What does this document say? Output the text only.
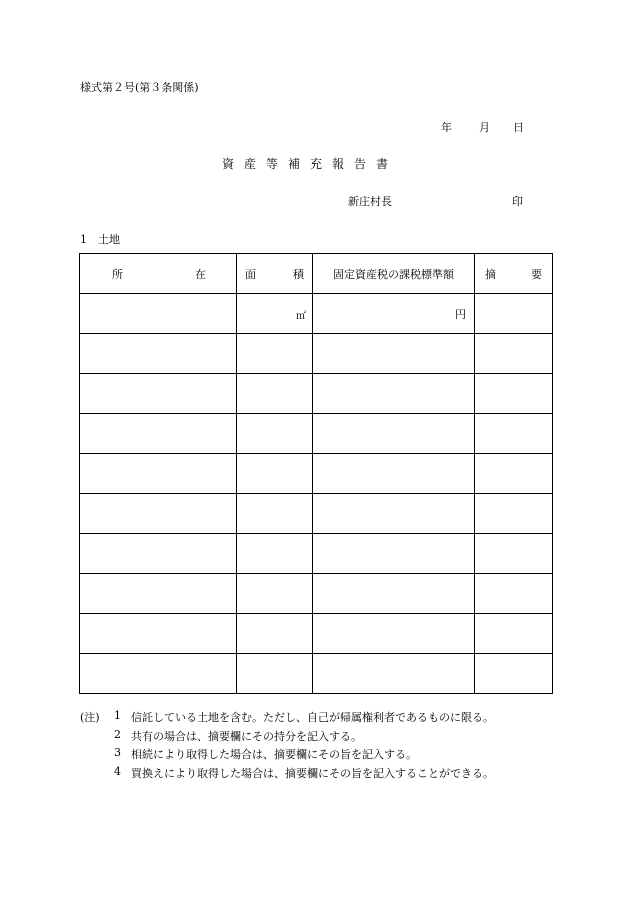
様式第２号(第３条関係)
年 月 日
資産等補充報告書
新庄村長	印
1　土地
所 在	面 積	固定資産税の課税標準額	摘 要

	㎡	円	

(注) 1 信託している土地を含む。ただし、自己が帰属権利者であるものに限る。
2 共有の場合は、摘要欄にその持分を記入する。
3 相続により取得した場合は、摘要欄にその旨を記入する。
4 買換えにより取得した場合は、摘要欄にその旨を記入することができる。
